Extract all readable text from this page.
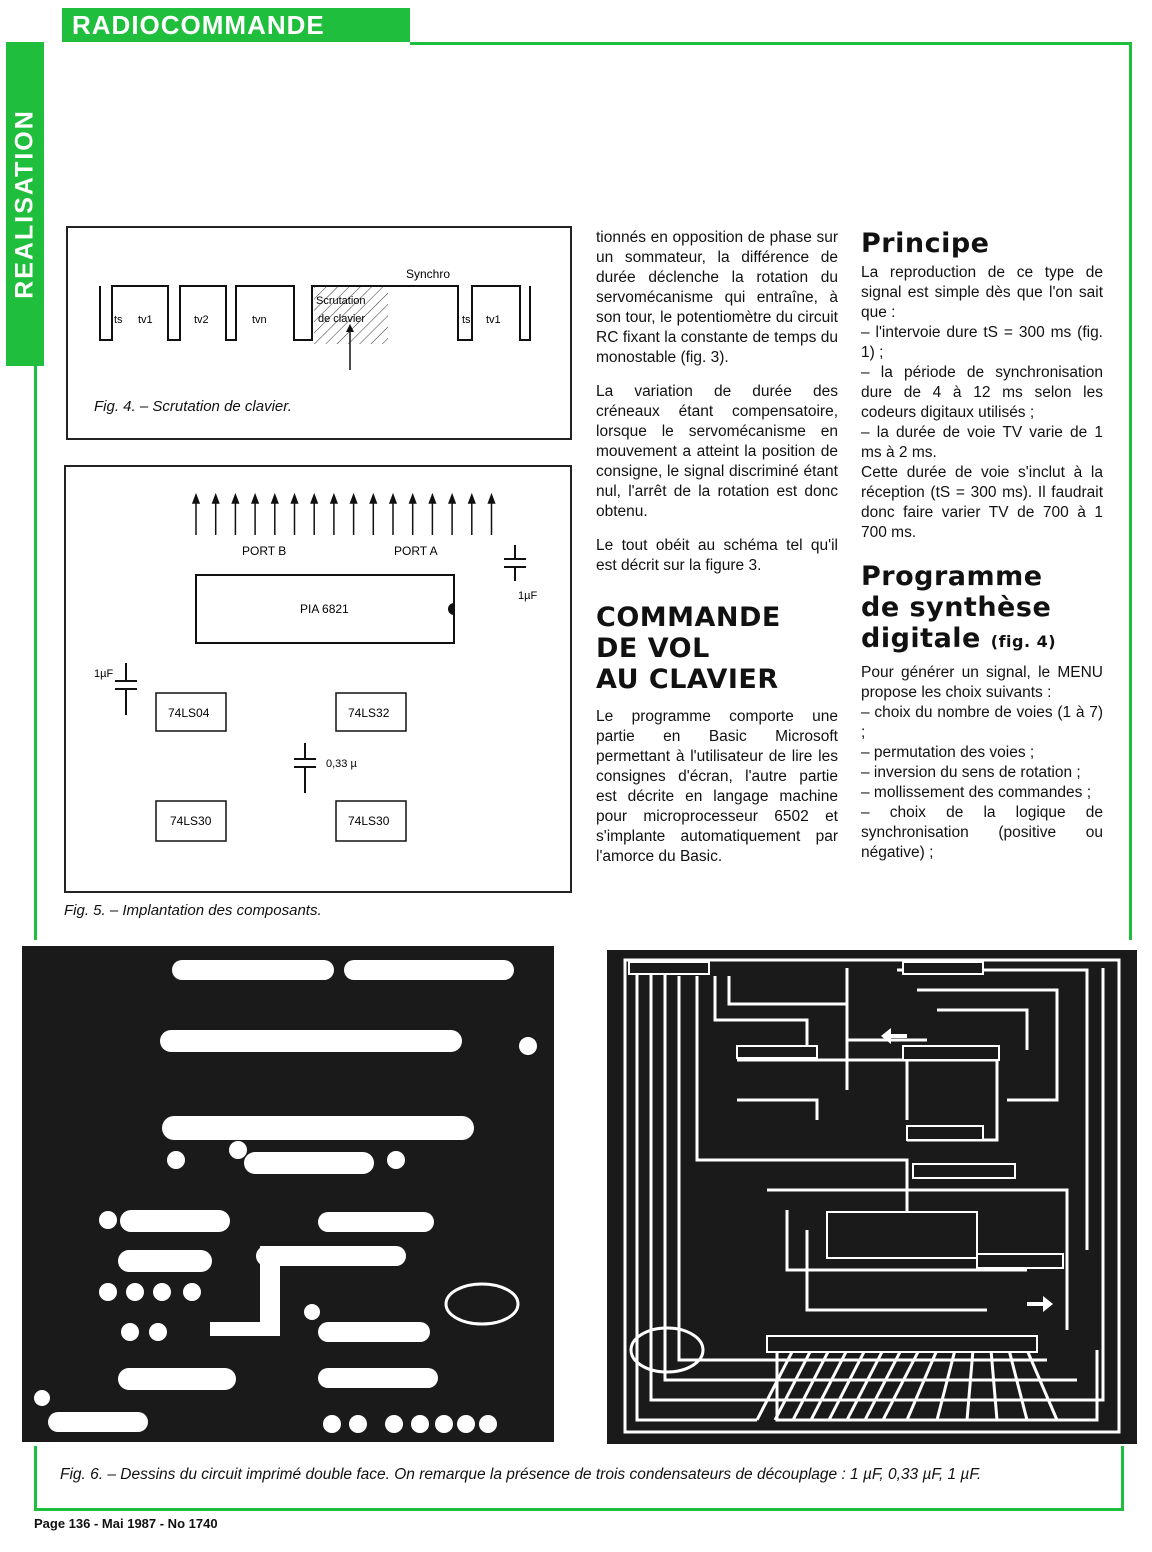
RADIOCOMMANDE
REALISATION	Synchro
ts tv1	tv2	tvn
Scrutation
de clavier	ts tv1
Fig. 4. – Scrutation de clavier.
PORT B	PORT A
PIA 6821
1µF
1µF
0,33 µ
74LS04	74LS32
74LS30	74LS30
Fig. 5. – Implantation des composants.

tionnés en opposition de phase sur un sommateur, la différence de durée déclenche la rotation du servomécanisme qui entraîne, à son tour, le potentiomètre du circuit RC fixant la constante de temps du monostable (fig. 3).

La variation de durée des créneaux étant compensatoire, lorsque le servomécanisme en mouvement a atteint la position de consigne, le signal discriminé étant nul, l'arrêt de la rotation est donc obtenu.

Le tout obéit au schéma tel qu'il est décrit sur la figure 3.

COMMANDE
DE VOL
AU CLAVIER

Le programme comporte une partie en Basic Microsoft permettant à l'utilisateur de lire les consignes d'écran, l'autre partie est décrite en langage machine pour microprocesseur 6502 et s'implante automatiquement par l'amorce du Basic.

Principe
La reproduction de ce type de signal est simple dès que l'on sait que :
– l'intervoie dure tS = 300 ms (fig. 1) ;
– la période de synchronisation dure de 4 à 12 ms selon les codeurs digitaux utilisés ;
– la durée de voie TV varie de 1 ms à 2 ms.
Cette durée de voie s'inclut à la réception (tS = 300 ms). Il faudrait donc faire varier TV de 700 à 1 700 ms.
Programme
de synthèse
digitale (fig. 4)
Pour générer un signal, le MENU propose les choix suivants :
– choix du nombre de voies (1 à 7) ;
– permutation des voies ;
– inversion du sens de rotation ;
– mollissement des commandes ;
– choix de la logique de synchronisation (positive ou négative) ;
Fig. 6. – Dessins du circuit imprimé double face. On remarque la présence de trois condensateurs de découplage : 1 µF, 0,33 µF, 1 µF.
Page 136 - Mai 1987 - No 1740
